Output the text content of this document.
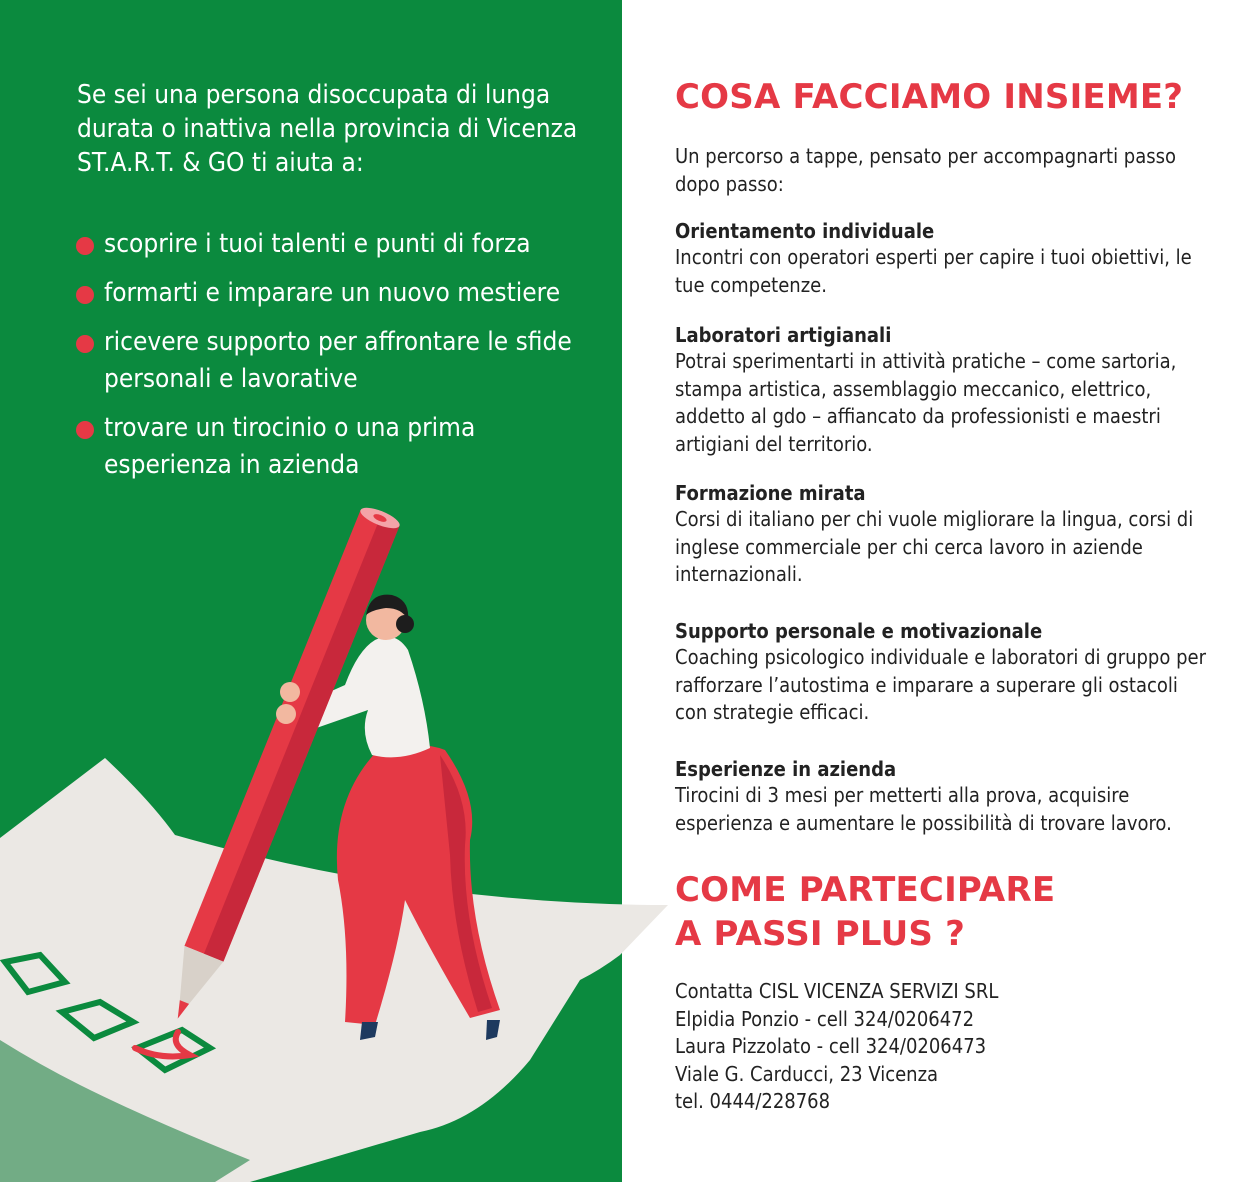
Se sei una persona disoccupata di lunga durata o inattiva nella provincia di Vicenza ST.A.R.T. & GO ti aiuta a:

scoprire i tuoi talenti e punti di forza
formarti e imparare un nuovo mestiere
ricevere supporto per affrontare le sfide personali e lavorative
trovare un tirocinio o una prima esperienza in azienda
COSA FACCIAMO INSIEME?

Un percorso a tappe, pensato per accompagnarti passo dopo passo:

Orientamento individuale

Incontri con operatori esperti per capire i tuoi obiettivi, le tue competenze.

Laboratori artigianali

Potrai sperimentarti in attività pratiche – come sartoria, stampa artistica, assemblaggio meccanico, elettrico, addetto al gdo – affiancato da professionisti e maestri artigiani del territorio.

Formazione mirata

Corsi di italiano per chi vuole migliorare la lingua, corsi di inglese commerciale per chi cerca lavoro in aziende internazionali.

Supporto personale e motivazionale

Coaching psicologico individuale e laboratori di gruppo per rafforzare l’autostima e imparare a superare gli ostacoli con strategie efficaci.

Esperienze in azienda

Tirocini di 3 mesi per metterti alla prova, acquisire esperienza e aumentare le possibilità di trovare lavoro.

COME PARTECIPARE
A PASSI PLUS ?
Contatta CISL VICENZA SERVIZI SRL
Elpidia Ponzio - cell 324/0206472
Laura Pizzolato - cell 324/0206473
Viale G. Carducci, 23 Vicenza
tel. 0444/228768
